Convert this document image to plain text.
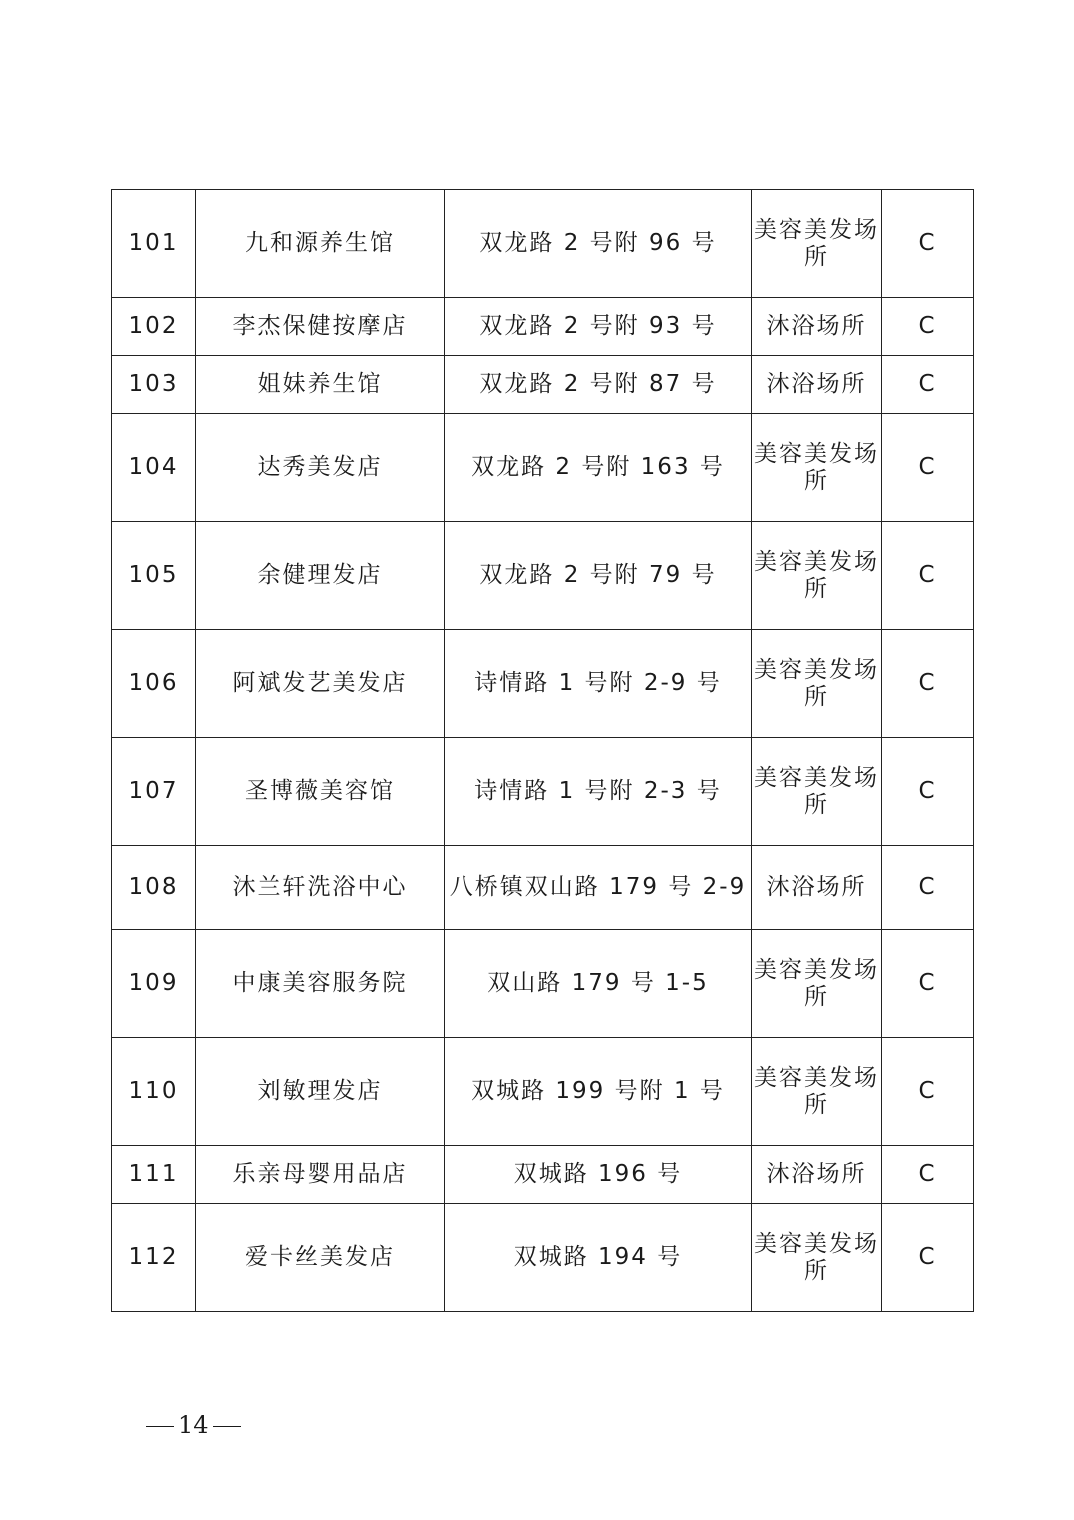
101	九和源养生馆	双龙路 2 号附 96 号	美容美发场所	C
102	李杰保健按摩店	双龙路 2 号附 93 号	沐浴场所	C
103	姐妹养生馆	双龙路 2 号附 87 号	沐浴场所	C
104	达秀美发店	双龙路 2 号附 163 号	美容美发场所	C
105	余健理发店	双龙路 2 号附 79 号	美容美发场所	C
106	阿斌发艺美发店	诗情路 1 号附 2-9 号	美容美发场所	C
107	圣博薇美容馆	诗情路 1 号附 2-3 号	美容美发场所	C
108	沐兰轩洗浴中心	八桥镇双山路 179 号 2-9	沐浴场所	C
109	中康美容服务院	双山路 179 号 1-5	美容美发场所	C
110	刘敏理发店	双城路 199 号附 1 号	美容美发场所	C
111	乐亲母婴用品店	双城路 196 号	沐浴场所	C
112	爱卡丝美发店	双城路 194 号	美容美发场所	C
14
